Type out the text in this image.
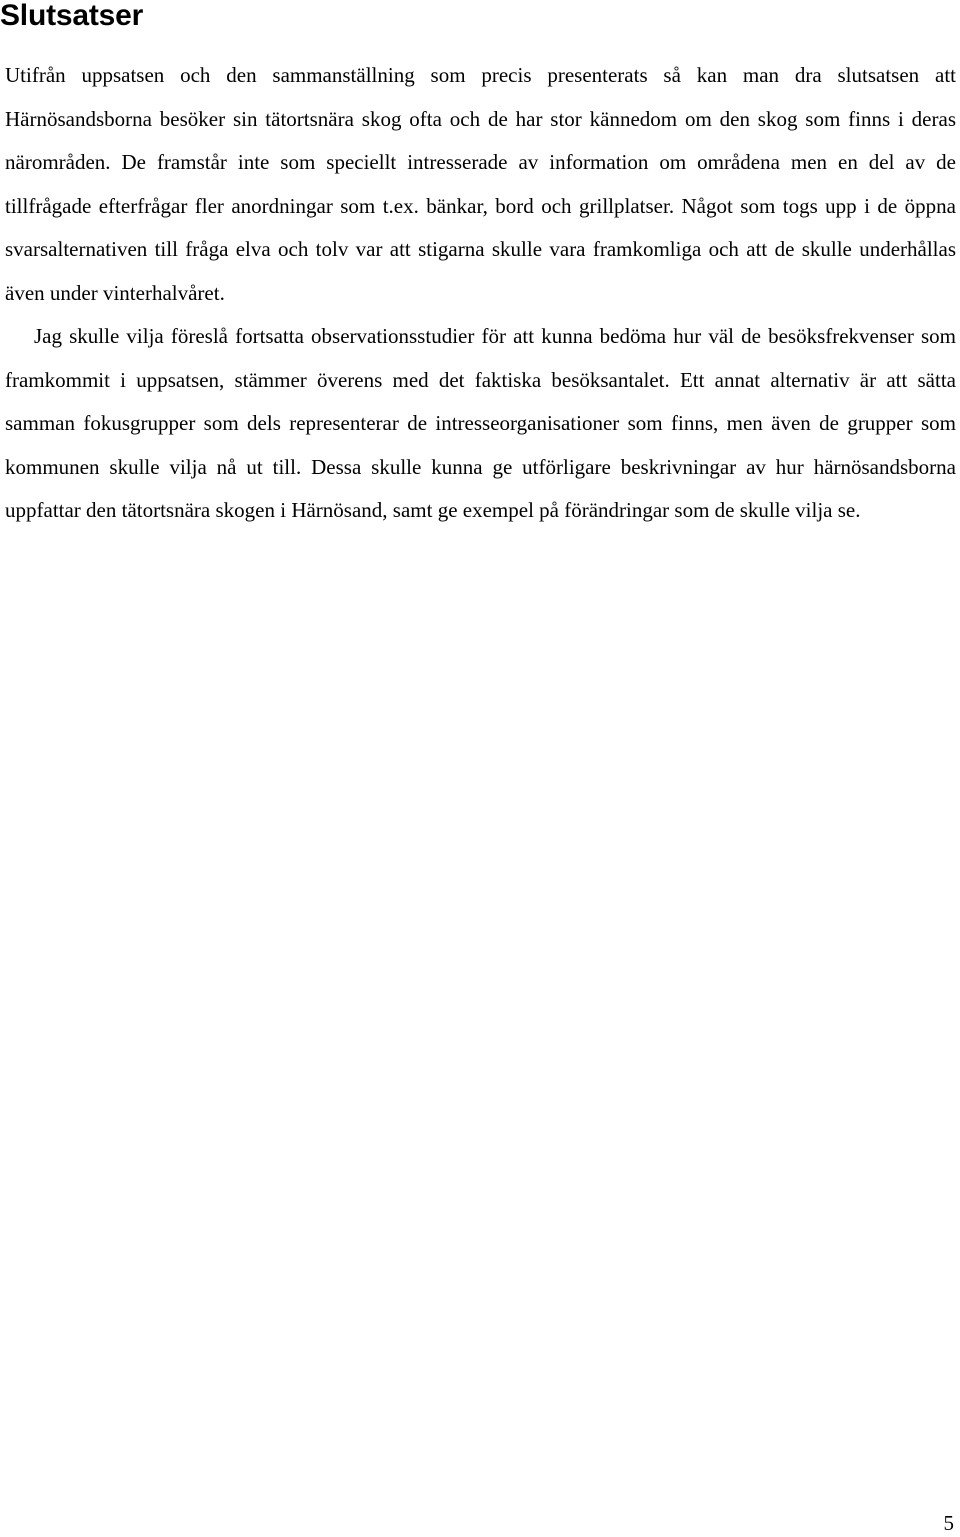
Slutsatser

Utifrån uppsatsen och den sammanställning som precis presenterats så kan man dra slutsatsen att Härnösandsborna besöker sin tätortsnära skog ofta och de har stor kännedom om den skog som finns i deras närområden. De framstår inte som speciellt intresserade av information om områdena men en del av de tillfrågade efterfrågar fler anordningar som t.ex. bänkar, bord och grillplatser. Något som togs upp i de öppna svarsalternativen till fråga elva och tolv var att stigarna skulle vara framkomliga och att de skulle underhållas även under vinterhalvåret.

Jag skulle vilja föreslå fortsatta observationsstudier för att kunna bedöma hur väl de besöksfrekvenser som framkommit i uppsatsen, stämmer överens med det faktiska besöksantalet. Ett annat alternativ är att sätta samman fokusgrupper som dels representerar de intresseorganisationer som finns, men även de grupper som kommunen skulle vilja nå ut till. Dessa skulle kunna ge utförligare beskrivningar av hur härnösandsborna uppfattar den tätortsnära skogen i Härnösand, samt ge exempel på förändringar som de skulle vilja se.

5
